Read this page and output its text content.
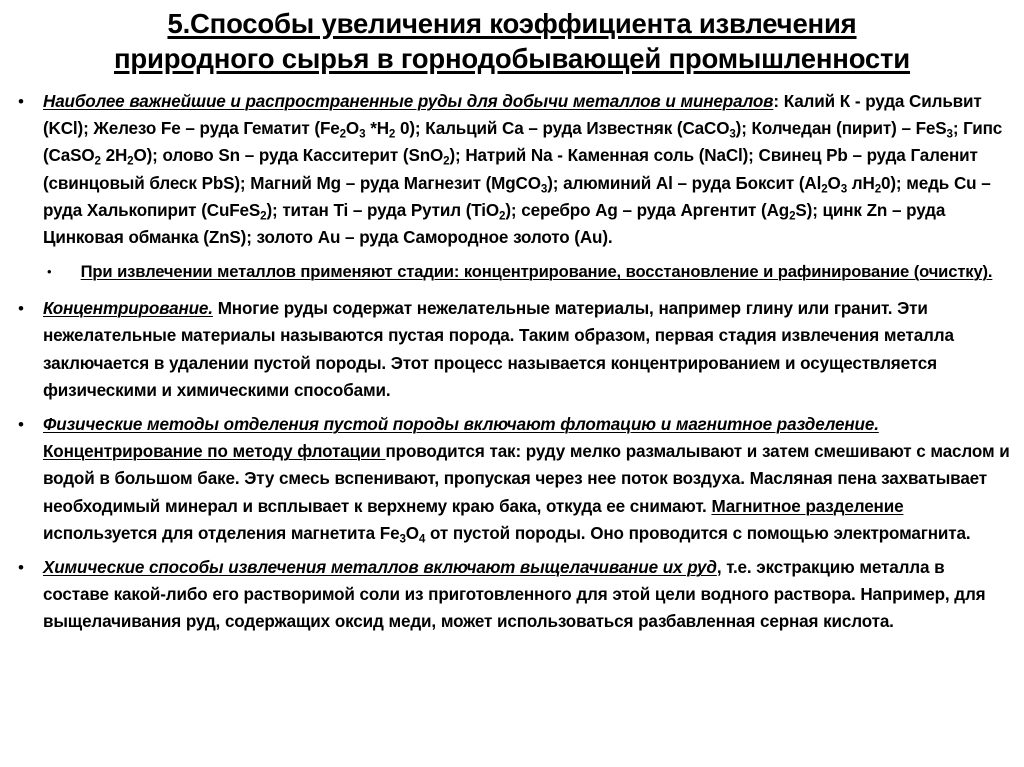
5.Способы увеличения коэффициента извлечения
природного сырья в горнодобывающей промышленности
•	Наиболее важнейшие и распространенные руды для добычи металлов и минералов: Калий К - руда Сильвит (KCl); Железо Fe – руда Гематит ($Fe_2O_3$ $*H_2$ 0); Кальций Ca – руда Известняк (CaCO$_3$); Колчедан (пирит) – FeS$_3$; Гипс (CaSO$_2$ $2H_2O$); олово Sn – руда Касситерит (SnO$_2$); Натрий Na - Каменная соль (NaCl); Свинец Pb – руда Галенит (свинцовый блеск PbS); Магний Mg – руда Магнезит (MgCO$_3$); алюминий Al – руда Боксит ($Al_2O_3$ $лН_20$); медь Cu – руда Халькопирит (CuFeS$_2$); титан Ti – руда Рутил (TiO$_2$); серебро Ag – руда Аргентит $(Ag_2S)$; цинк Zn – руда Цинковая обманка (ZnS); золото Au – руда Самородное золото (Au).

•	При извлечении металлов применяют стадии: концентрирование, восстановление и рафинирование (очистку).

•	Концентрирование. Многие руды содержат нежелательные материалы, например глину или гранит. Эти нежелательные материалы называются пустая порода. Таким образом, первая стадия извлечения металла заключается в удалении пустой породы. Этот процесс называется концентрированием и осуществляется физическими и химическими способами.

•	Физические методы отделения пустой породы включают флотацию и магнитное разделение. Концентрирование по методу флотации проводится так: руду мелко размалывают и затем смешивают с маслом и водой в большом баке. Эту смесь вспенивают, пропуская через нее поток воздуха. Масляная пена захватывает необходимый минерал и всплывает к верхнему краю бака, откуда ее снимают. Магнитное разделение используется для отделения магнетита $Fe_3O_4$ от пустой породы. Оно проводится с помощью электромагнита.

•	Химические способы извлечения металлов включают выщелачивание их руд, т.е. экстракцию металла в составе какой-либо его растворимой соли из приготовленного для этой цели водного раствора. Например, для выщелачивания руд, содержащих оксид меди, может использоваться разбавленная серная кислота.
